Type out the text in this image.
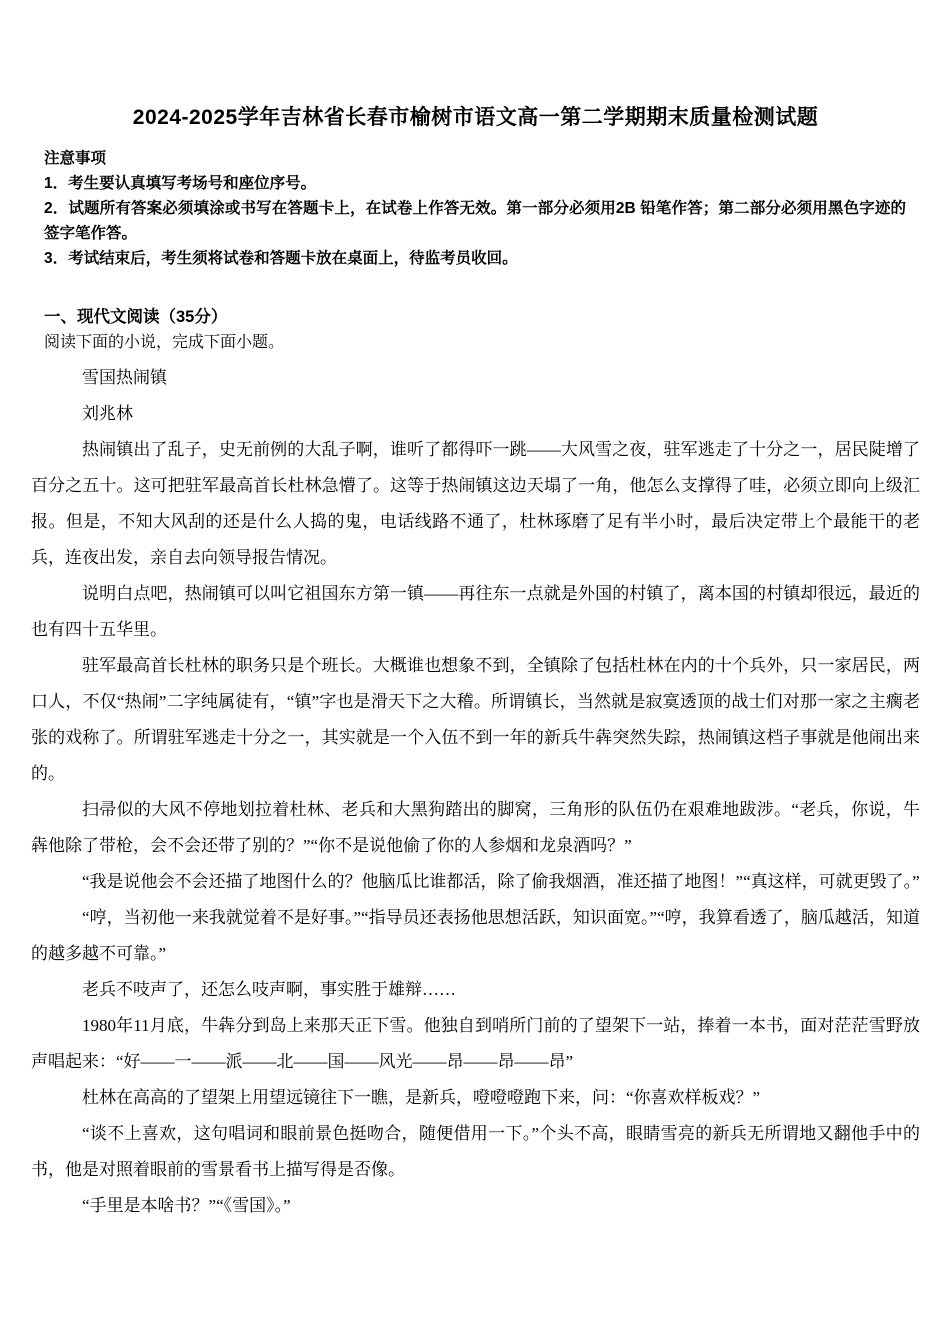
2024-2025学年吉林省长春市榆树市语文高一第二学期期末质量检测试题
注意事项
1．考生要认真填写考场号和座位序号。
2．试题所有答案必须填涂或书写在答题卡上，在试卷上作答无效。第一部分必须用2B 铅笔作答；第二部分必须用黑色字迹的签字笔作答。
3．考试结束后，考生须将试卷和答题卡放在桌面上，待监考员收回。
一、现代文阅读（35分）
阅读下面的小说，完成下面小题。

雪国热闹镇

刘兆林

热闹镇出了乱子，史无前例的大乱子啊，谁听了都得吓一跳——大风雪之夜，驻军逃走了十分之一，居民陡增了百分之五十。这可把驻军最高首长杜林急懵了。这等于热闹镇这边天塌了一角，他怎么支撑得了哇，必须立即向上级汇报。但是，不知大风刮的还是什么人捣的鬼，电话线路不通了，杜林琢磨了足有半小时，最后决定带上个最能干的老兵，连夜出发，亲自去向领导报告情况。

说明白点吧，热闹镇可以叫它祖国东方第一镇——再往东一点就是外国的村镇了，离本国的村镇却很远，最近的也有四十五华里。

驻军最高首长杜林的职务只是个班长。大概谁也想象不到，全镇除了包括杜林在内的十个兵外，只一家居民，两口人，不仅“热闹”二字纯属徒有，“镇”字也是滑天下之大稽。所谓镇长，当然就是寂寞透顶的战士们对那一家之主瘸老张的戏称了。所谓驻军逃走十分之一，其实就是一个入伍不到一年的新兵牛犇突然失踪，热闹镇这档子事就是他闹出来的。

扫帚似的大风不停地划拉着杜林、老兵和大黑狗踏出的脚窝，三角形的队伍仍在艰难地跋涉。“老兵，你说，牛犇他除了带枪，会不会还带了别的？”“你不是说他偷了你的人参烟和龙泉酒吗？”

“我是说他会不会还描了地图什么的？他脑瓜比谁都活，除了偷我烟酒，准还描了地图！”“真这样，可就更毁了。”

“哼，当初他一来我就觉着不是好事。”“指导员还表扬他思想活跃，知识面宽。”“哼，我算看透了，脑瓜越活，知道的越多越不可靠。”

老兵不吱声了，还怎么吱声啊，事实胜于雄辩……

1980年11月底，牛犇分到岛上来那天正下雪。他独自到哨所门前的了望架下一站，捧着一本书，面对茫茫雪野放声唱起来：“好——一——派——北——国——风光——昂——昂——昂”

杜林在高高的了望架上用望远镜往下一瞧，是新兵，噔噔噔跑下来，问：“你喜欢样板戏？”

“谈不上喜欢，这句唱词和眼前景色挺吻合，随便借用一下。”个头不高，眼睛雪亮的新兵无所谓地又翻他手中的书，他是对照着眼前的雪景看书上描写得是否像。

“手里是本啥书？”“《雪国》。”
